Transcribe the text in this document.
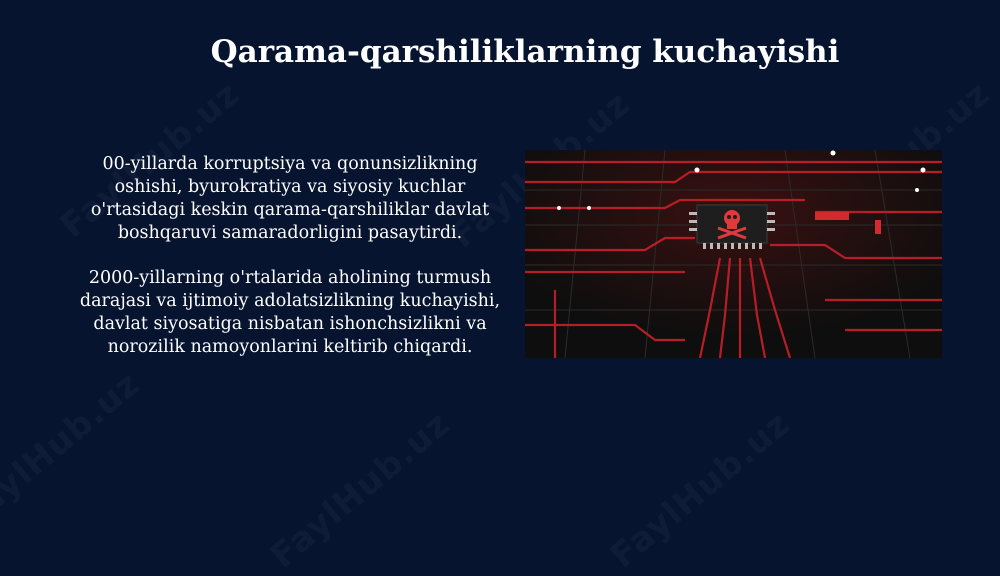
Qarama-qarshiliklarning kuchayishi

00-yillarda korruptsiya va qonunsizlikning oshishi, byurokratiya va siyosiy kuchlar o'rtasidagi keskin qarama-qarshiliklar davlat boshqaruvi samaradorligini pasaytirdi.

2000-yillarning o'rtalarida aholining turmush darajasi va ijtimoiy adolatsizlikning kuchayishi, davlat siyosatiga nisbatan ishonchsizlikni va norozilik namoyonlarini keltirib chiqardi.
